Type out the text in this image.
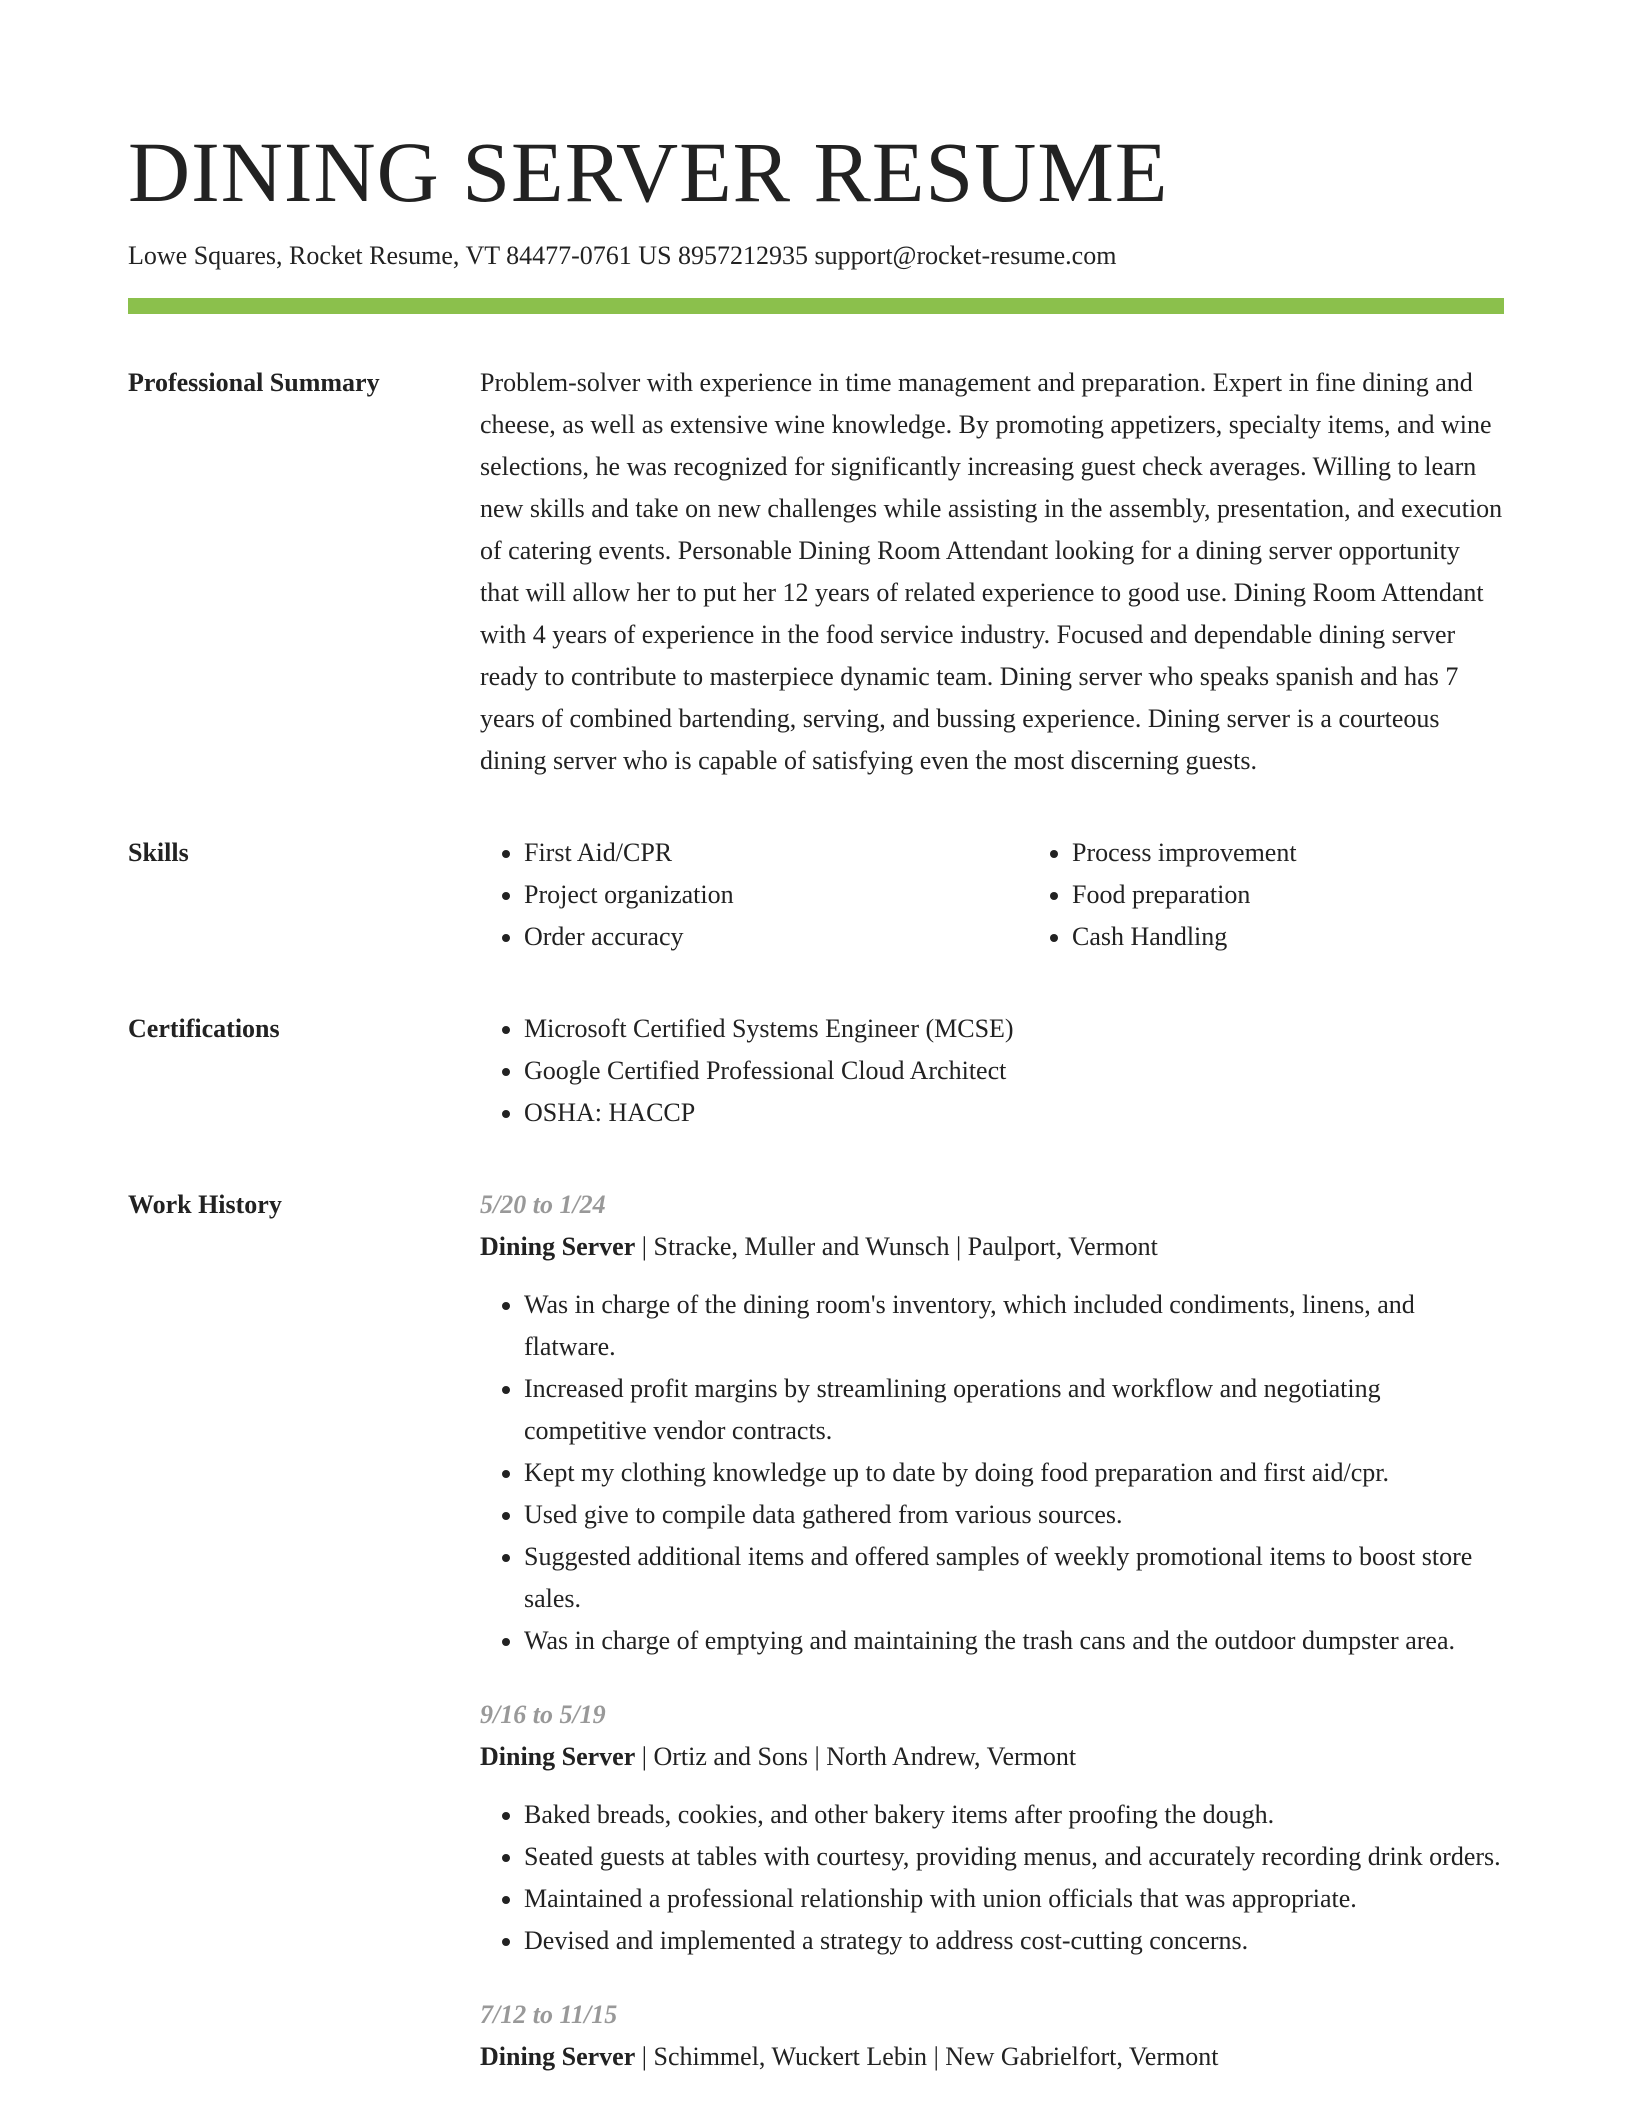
DINING SERVER RESUME
Lowe Squares, Rocket Resume, VT 84477-0761 US 8957212935 support@rocket-resume.com
Professional Summary	Problem-solver with experience in time management and preparation. Expert in fine dining and cheese, as well as extensive wine knowledge. By promoting appetizers, specialty items, and wine selections, he was recognized for significantly increasing guest check averages. Willing to learn new skills and take on new challenges while assisting in the assembly, presentation, and execution of catering events. Personable Dining Room Attendant looking for a dining server opportunity that will allow her to put her 12 years of related experience to good use. Dining Room Attendant with 4 years of experience in the food service industry. Focused and dependable dining server ready to contribute to masterpiece dynamic team. Dining server who speaks spanish and has 7 years of combined bartending, serving, and bussing experience. Dining server is a courteous dining server who is capable of satisfying even the most discerning guests.

Skills	• First Aid/CPR
• Project organization
• Order accuracy
• Process improvement
• Food preparation
• Cash Handling
Certifications	• Microsoft Certified Systems Engineer (MCSE)
• Google Certified Professional Cloud Architect
• OSHA: HACCP
Work History	5/20 to 1/24
Dining Server | Stracke, Muller and Wunsch | Paulport, Vermont
• Was in charge of the dining room's inventory, which included condiments, linens, and flatware.
• Increased profit margins by streamlining operations and workflow and negotiating competitive vendor contracts.
• Kept my clothing knowledge up to date by doing food preparation and first aid/cpr.
• Used give to compile data gathered from various sources.
• Suggested additional items and offered samples of weekly promotional items to boost store sales.
• Was in charge of emptying and maintaining the trash cans and the outdoor dumpster area.
9/16 to 5/19
Dining Server | Ortiz and Sons | North Andrew, Vermont
• Baked breads, cookies, and other bakery items after proofing the dough.
• Seated guests at tables with courtesy, providing menus, and accurately recording drink orders.
• Maintained a professional relationship with union officials that was appropriate.
• Devised and implemented a strategy to address cost-cutting concerns.
7/12 to 11/15
Dining Server | Schimmel, Wuckert Lebin | New Gabrielfort, Vermont
